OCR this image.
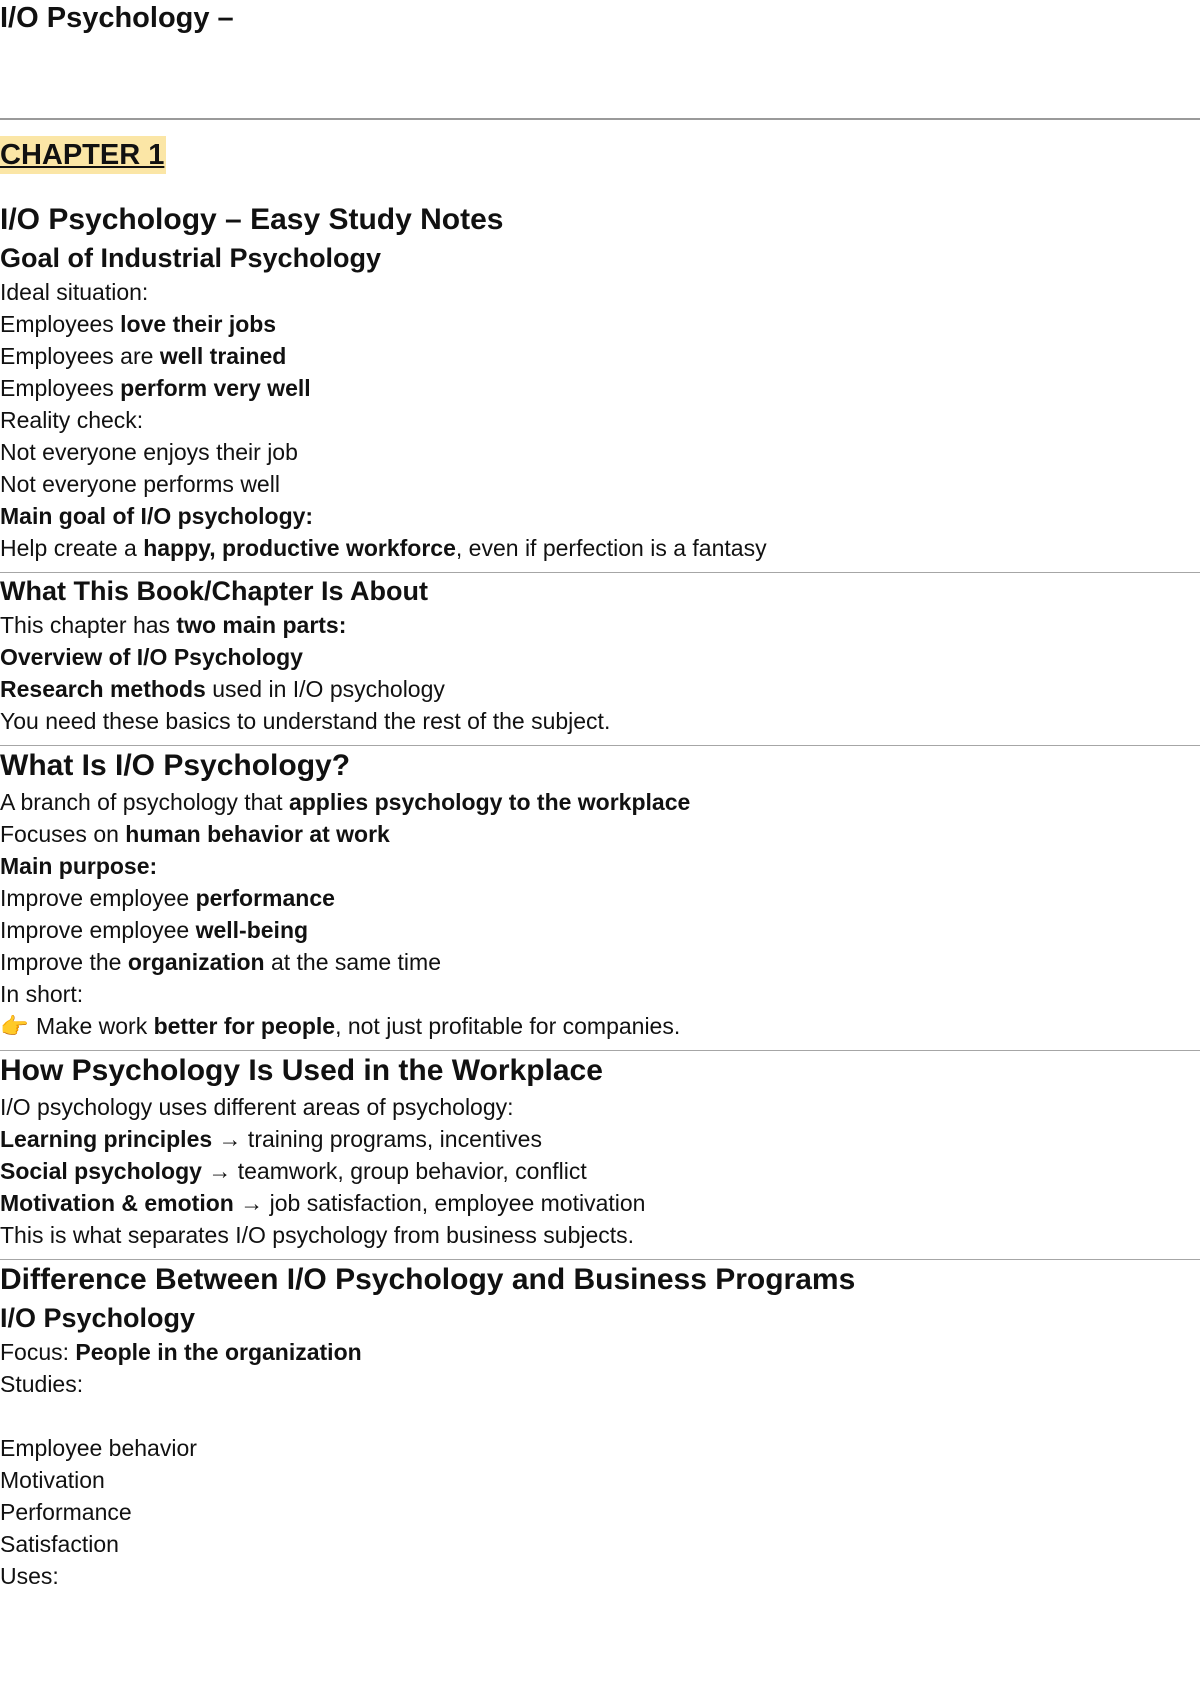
I/O Psychology –
CHAPTER 1
I/O Psychology – Easy Study Notes
Goal of Industrial Psychology
Ideal situation:
Employees love their jobs
Employees are well trained
Employees perform very well
Reality check:
Not everyone enjoys their job
Not everyone performs well
Main goal of I/O psychology:
Help create a happy, productive workforce, even if perfection is a fantasy
What This Book/Chapter Is About
This chapter has two main parts:
Overview of I/O Psychology
Research methods used in I/O psychology
You need these basics to understand the rest of the subject.
What Is I/O Psychology?
A branch of psychology that applies psychology to the workplace
Focuses on human behavior at work
Main purpose:
Improve employee performance
Improve employee well-being
Improve the organization at the same time
In short:
👉 Make work better for people, not just profitable for companies.
How Psychology Is Used in the Workplace
I/O psychology uses different areas of psychology:
Learning principles → training programs, incentives
Social psychology → teamwork, group behavior, conflict
Motivation & emotion → job satisfaction, employee motivation
This is what separates I/O psychology from business subjects.
Difference Between I/O Psychology and Business Programs
I/O Psychology
Focus: People in the organization
Studies:
Employee behavior
Motivation
Performance
Satisfaction
Uses:
